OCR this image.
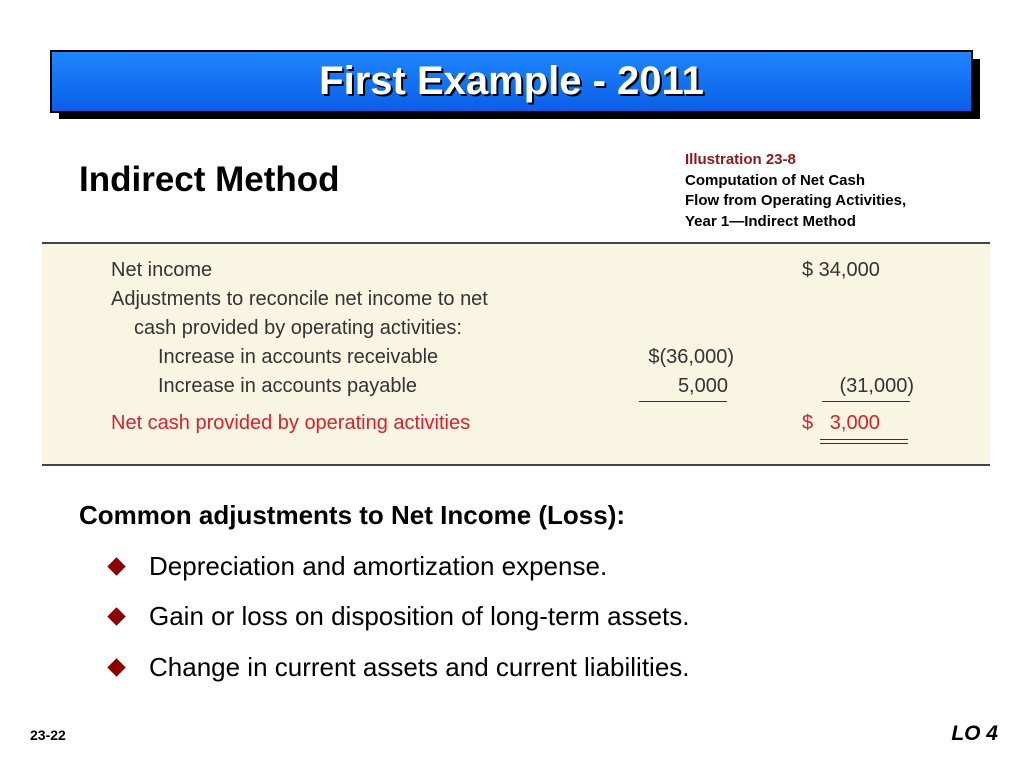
First Example - 2011
Indirect Method
Illustration 23-8
Computation of Net Cash
Flow from Operating Activities,
Year 1—Indirect Method
Net income	$ 34,000
Adjustments to reconcile net income to net
cash provided by operating activities:
Increase in accounts receivable	$(36,000)
Increase in accounts payable	5,000	(31,000)
Net cash provided by operating activities	$   3,000
Common adjustments to Net Income (Loss):
Depreciation and amortization expense.
Gain or loss on disposition of long-term assets.
Change in current assets and current liabilities.
23-22	LO 4
